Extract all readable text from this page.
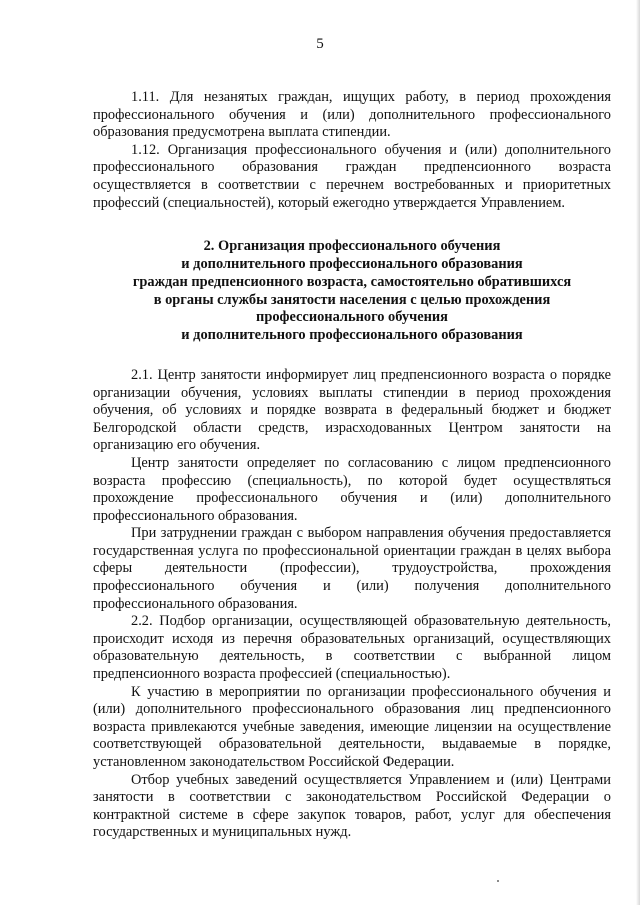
5

1.11. Для незанятых граждан, ищущих работу, в период прохождения профессионального обучения и (или) дополнительного профессионального образования предусмотрена выплата стипендии.

1.12. Организация профессионального обучения и (или) дополнительного профессионального образования граждан предпенсионного возраста осуществляется в соответствии с перечнем востребованных и приоритетных профессий (специальностей), который ежегодно утверждается Управлением.

2. Организация профессионального обучения
и дополнительного профессионального образования
граждан предпенсионного возраста, самостоятельно обратившихся
в органы службы занятости населения с целью прохождения
профессионального обучения
и дополнительного профессионального образования

2.1. Центр занятости информирует лиц предпенсионного возраста о порядке организации обучения, условиях выплаты стипендии в период прохождения обучения, об условиях и порядке возврата в федеральный бюджет и бюджет Белгородской области средств, израсходованных Центром занятости на организацию его обучения.

Центр занятости определяет по согласованию с лицом предпенсионного возраста профессию (специальность), по которой будет осуществляться прохождение профессионального обучения и (или) дополнительного профессионального образования.

При затруднении граждан с выбором направления обучения предоставляется государственная услуга по профессиональной ориентации граждан в целях выбора сферы деятельности (профессии), трудоустройства, прохождения профессионального обучения и (или) получения дополнительного профессионального образования.

2.2. Подбор организации, осуществляющей образовательную деятельность, происходит исходя из перечня образовательных организаций, осуществляющих образовательную деятельность, в соответствии с выбранной лицом предпенсионного возраста профессией (специальностью).

К участию в мероприятии по организации профессионального обучения и (или) дополнительного профессионального образования лиц предпенсионного возраста привлекаются учебные заведения, имеющие лицензии на осуществление соответствующей образовательной деятельности, выдаваемые в порядке, установленном законодательством Российской Федерации.

Отбор учебных заведений осуществляется Управлением и (или) Центрами занятости в соответствии с законодательством Российской Федерации о контрактной системе в сфере закупок товаров, работ, услуг для обеспечения государственных и муниципальных нужд.
